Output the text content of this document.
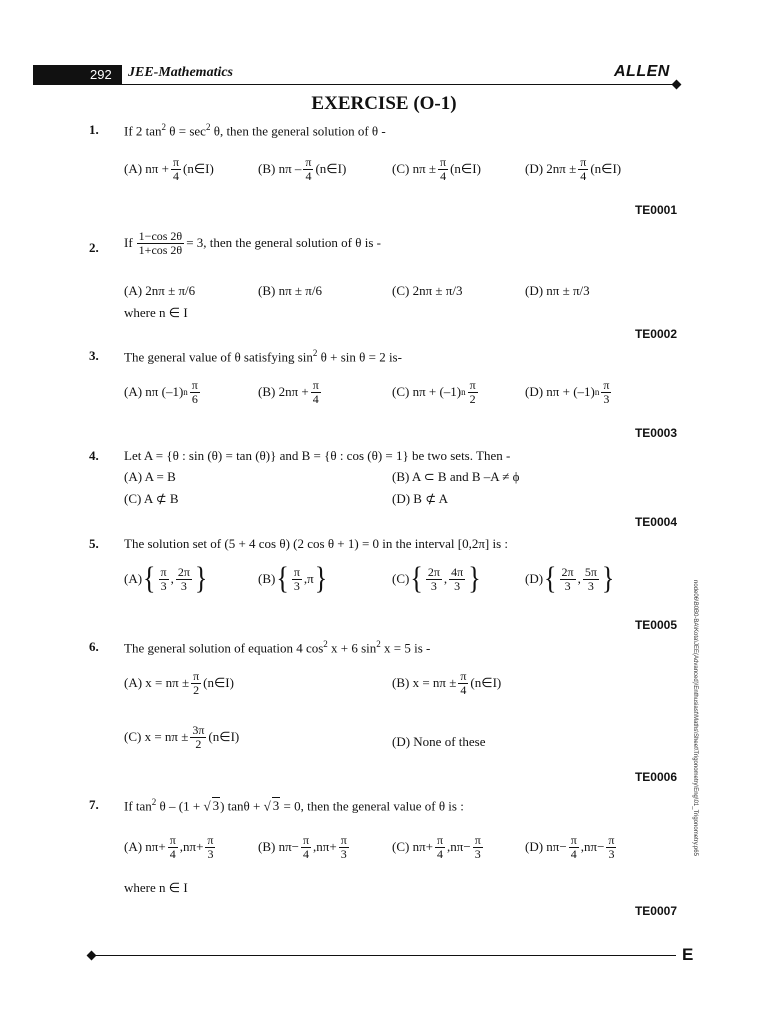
292 JEE-Mathematics	ALLEN
EXERCISE (O-1)
1. If 2 $\tan^2 \theta = \sec^2 \theta$, then the general solution of θ -
(A) $n\pi + \frac{\pi}{4}$ (n∈I)	(B) nπ – $\frac{\pi}{4}$ (n∈I)	(C) $n\pi \pm \frac{\pi}{4}$ (n∈I)	(D) $2n\pi \pm \frac{\pi}{4}$ (n∈I)
TE0001
2. If $\frac{1-\cos 2\theta}{1+\cos 2\theta} = 3$, then the general solution of θ is -
(A) 2nπ ± π/6	(B) nπ ± π/6	(C) 2nπ ± π/3	(D) nπ ± π/3
where n ∈ I
TE0002
3. The general value of θ satisfying $\sin^2 \theta + \sin \theta = 2$ is-
(A) nπ (–1) n $\frac{\pi}{6}$	(B) $2n\pi + \frac{\pi}{4}$	(C) nπ + (–1) n $\frac{\pi}{2}$	(D) nπ + (–1) n $\frac{\pi}{3}$
TE0003
4. Let A = {θ : sin (θ) = tan (θ)} and B = {θ : cos (θ) = 1} be two sets. Then -
(A) A = B	(B) A ⊂ B and B –A ≠ ϕ
(C) A ⊄ B	(D) B ⊄ A
TE0004
5. The solution set of (5 + 4 cos θ) (2 cos θ + 1) = 0 in the interval [0,2π] is :
(A) { $\frac{\pi}{3}$ , $\frac{2\pi}{3}$ }	(B) { $\frac{\pi}{3}$ , π }	(C) { $\frac{2\pi}{3}$ , $\frac{4\pi}{3}$ }	(D) { $\frac{2\pi}{3}$ , $\frac{5\pi}{3}$ }
TE0005
6. The general solution of equation 4 $\cos^2 x + 6$ $\sin^2 x = 5$ is -
(A) $x = n\pi \pm \frac{\pi}{2}$ (n∈I)	(B) $x = n\pi \pm \frac{\pi}{4}$ (n∈I)
(C) $x = n\pi \pm \frac{3\pi}{2}$ (n∈I)	(D) None of these
TE0006
7. If $\tan^2 \theta - (1$ + √ 3) tanθ + √ 3 = 0, then the general value of θ is :
(A) $n\pi+ \frac{\pi}{4} ,n\pi+ \frac{\pi}{3}$	(B) $n\pi- \frac{\pi}{4} ,n\pi+ \frac{\pi}{3}$	(C) $n\pi+ \frac{\pi}{4} ,n\pi- \frac{\pi}{3}$	(D) $n\pi- \frac{\pi}{4} ,n\pi- \frac{\pi}{3}$
where n ∈ I
TE0007
node06\B0B0-BA\Kota\JEE(Advanced)\Enthusiast\Maths\Sheet\Trigonometry\Eng\01_Trigonometry.p65
E
